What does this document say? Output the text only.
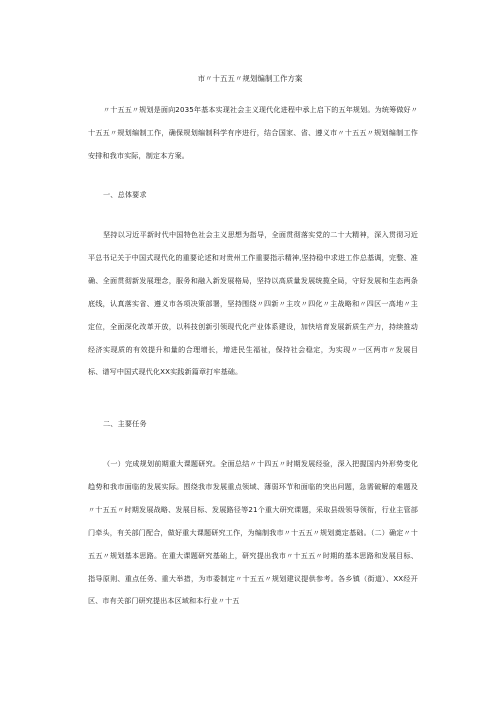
市〃十五五〃规划编制工作方案

〃十五五〃规划是面向2035年基本实现社会主义现代化进程中承上启下的五年规划。为统筹做好〃十五五〃规划编制工作，确保规划编制科学有序进行，结合国家、省、遵义市〃十五五〃规划编制工作安排和我市实际，制定本方案。

一、总体要求

坚持以习近平新时代中国特色社会主义思想为指导，全面贯彻落实党的二十大精神，深入贯彻习近平总书记关于中国式现代化的重要论述和对贵州工作重要指示精神,坚持稳中求进工作总基调，完整、准确、全面贯彻新发展理念，服务和融入新发展格局，坚持以高质量发展统揽全局，守好发展和生态两条底线，认真落实省、遵义市各项决策部署，坚持围绕〃四新〃主攻〃四化〃主战略和〃四区一高地〃主定位，全面深化改革开放，以科技创新引领现代化产业体系建设，加快培育发展新质生产力，持续推动经济实现质的有效提升和量的合理增长，增进民生福祉，保持社会稳定，为实现〃一区两市〃发展目标、谱写中国式现代化XX实践新篇章打牢基础。

二、主要任务

（一）完成规划前期重大课题研究。全面总结〃十四五〃时期发展经验，深入把握国内外形势变化趋势和我市面临的发展实际。围绕我市发展重点领域、薄弱环节和面临的突出问题，急需破解的难题及〃十五五〃时期发展战略、发展目标、发展路径等21个重大研究课题，采取县级领导领衔，行业主管部门牵头，有关部门配合，做好重大课题研究工作，为编制我市〃十五五〃规划奠定基础。（二）确定〃十五五〃规划基本思路。在重大课题研究基础上，研究提出我市〃十五五〃时期的基本思路和发展目标、指导原则、重点任务、重大举措，为市委制定〃十五五〃规划建议提供参考。各乡镇（街道）、XX经开区、市有关部门研究提出本区域和本行业〃十五
